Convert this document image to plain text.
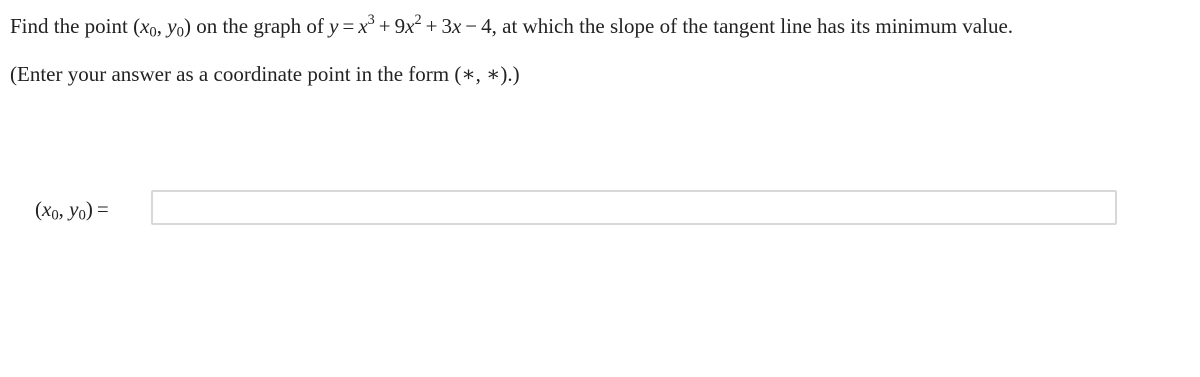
Find the point ($x_0$, $y_0$) on the graph of $y = x^3 + 9x^2 + 3x - 4$, at which the slope of the tangent line has its minimum value.
(Enter your answer as a coordinate point in the form (∗, ∗).)
($x_0$, $y_0$) =
